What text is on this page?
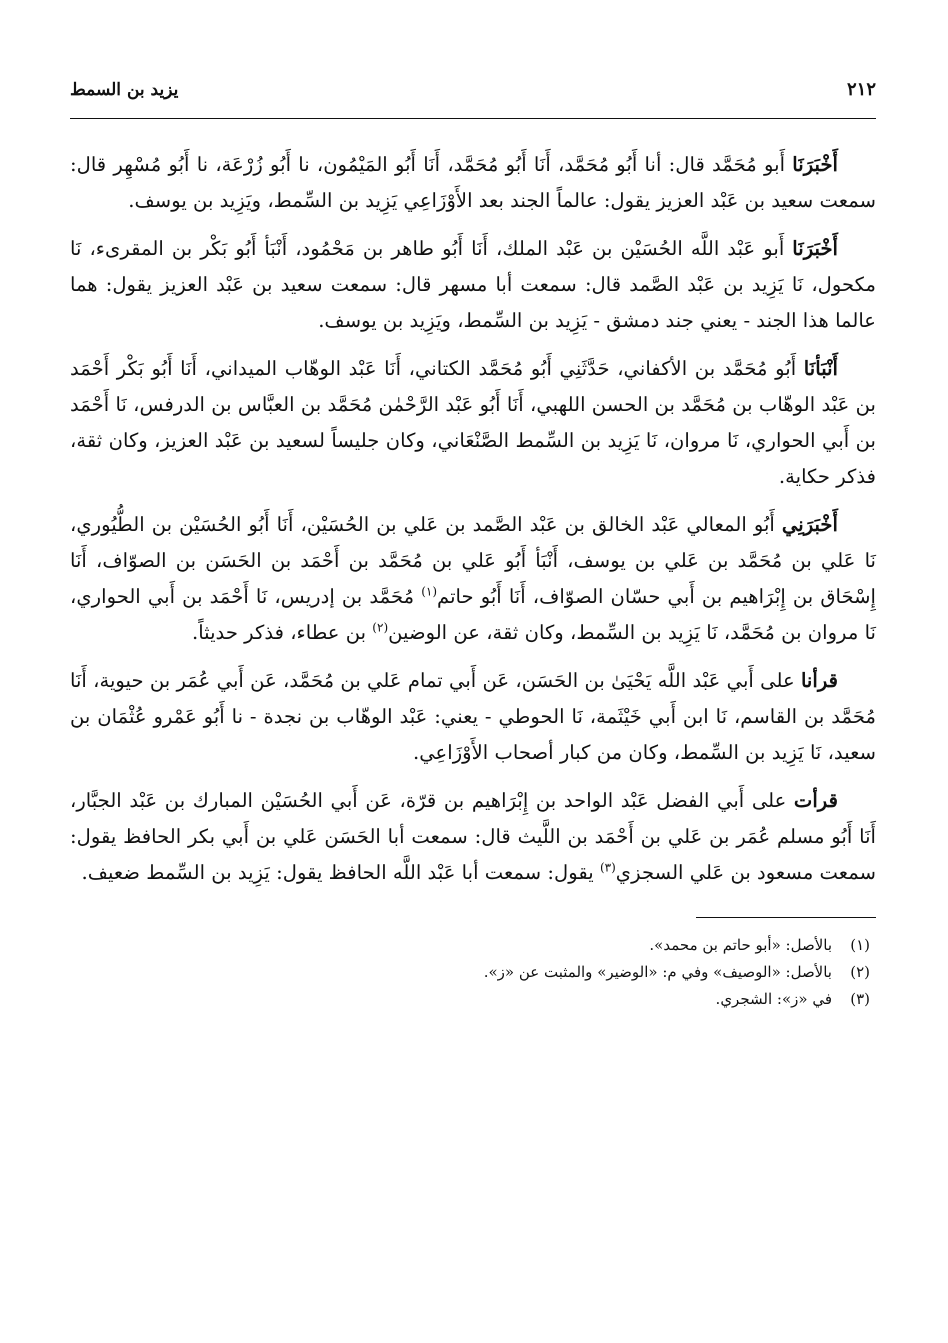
٢١٢
يزيد بن السمط

أَخْبَرَنَا أَبو مُحَمَّد قال: أنا أَبُو مُحَمَّد، أَنَا أَبُو مُحَمَّد، أَنَا أَبُو المَيْمُون، نا أَبُو زُرْعَة، نا أَبُو مُسْهِر قال: سمعت سعيد بن عَبْد العزيز يقول: عالماً الجند بعد الأَوْزَاعِي يَزِيد بن السِّمط، ويَزِيد بن يوسف.

أَخْبَرَنَا أَبو عَبْد اللَّه الحُسَيْن بن عَبْد الملك، أَنَا أَبُو طاهر بن مَحْمُود، أَنْبَأ أَبُو بَكْر بن المقرىء، نَا مكحول، نَا يَزِيد بن عَبْد الصَّمد قال: سمعت أبا مسهر قال: سمعت سعيد بن عَبْد العزيز يقول: هما عالما هذا الجند - يعني جند دمشق - يَزِيد بن السِّمط، ويَزِيد بن يوسف.

أَنْبَأنَا أَبُو مُحَمَّد بن الأكفاني، حَدَّثَنِي أَبُو مُحَمَّد الكتاني، أَنَا عَبْد الوهّاب الميداني، أَنَا أَبُو بَكْر أَحْمَد بن عَبْد الوهّاب بن مُحَمَّد بن الحسن اللهبي، أَنَا أَبُو عَبْد الرَّحْمٰن مُحَمَّد بن العبَّاس بن الدرفس، نَا أَحْمَد بن أَبي الحواري، نَا مروان، نَا يَزِيد بن السِّمط الصَّنْعَاني، وكان جليساً لسعيد بن عَبْد العزيز، وكان ثقة، فذكر حكاية.

أَخْبَرَنِي أَبُو المعالي عَبْد الخالق بن عَبْد الصَّمد بن عَلي بن الحُسَيْن، أَنَا أَبُو الحُسَيْن بن الطُّيُوري، نَا عَلي بن مُحَمَّد بن عَلي بن يوسف، أَنْبَأ أَبُو عَلي بن مُحَمَّد بن أَحْمَد بن الحَسَن بن الصوّاف، أَنَا إِسْحَاق بن إِبْرَاهيم بن أَبي حسّان الصوّاف، أَنَا أَبُو حاتم$^{(١)}$ مُحَمَّد بن إدريس، نَا أَحْمَد بن أَبي الحواري، نَا مروان بن مُحَمَّد، نَا يَزِيد بن السِّمط، وكان ثقة، عن الوضين$^{(٢)}$ بن عطاء، فذكر حديثاً.

قرأنا على أَبي عَبْد اللَّه يَحْيَىٰ بن الحَسَن، عَن أَبي تمام عَلي بن مُحَمَّد، عَن أَبي عُمَر بن حيوية، أَنَا مُحَمَّد بن القاسم، نَا ابن أَبي خَيْثَمة، نَا الحوطي - يعني: عَبْد الوهّاب بن نجدة - نا أَبُو عَمْرو عُثْمَان بن سعيد، نَا يَزِيد بن السِّمط، وكان من كبار أصحاب الأَوْزَاعِي.

قرأت على أَبي الفضل عَبْد الواحد بن إِبْرَاهيم بن قرّة، عَن أَبي الحُسَيْن المبارك بن عَبْد الجبَّار، أَنَا أَبُو مسلم عُمَر بن عَلي بن أَحْمَد بن اللَّيث قال: سمعت أبا الحَسَن عَلي بن أَبي بكر الحافظ يقول: سمعت مسعود بن عَلي السجزي$^{(٣)}$ يقول: سمعت أبا عَبْد اللَّه الحافظ يقول: يَزِيد بن السِّمط ضعيف.

(١)بالأصل: «أبو حاتم بن محمد».
(٢)بالأصل: «الوصيف» وفي م: «الوضير» والمثبت عن «ز».
(٣)في «ز»: الشجري.
